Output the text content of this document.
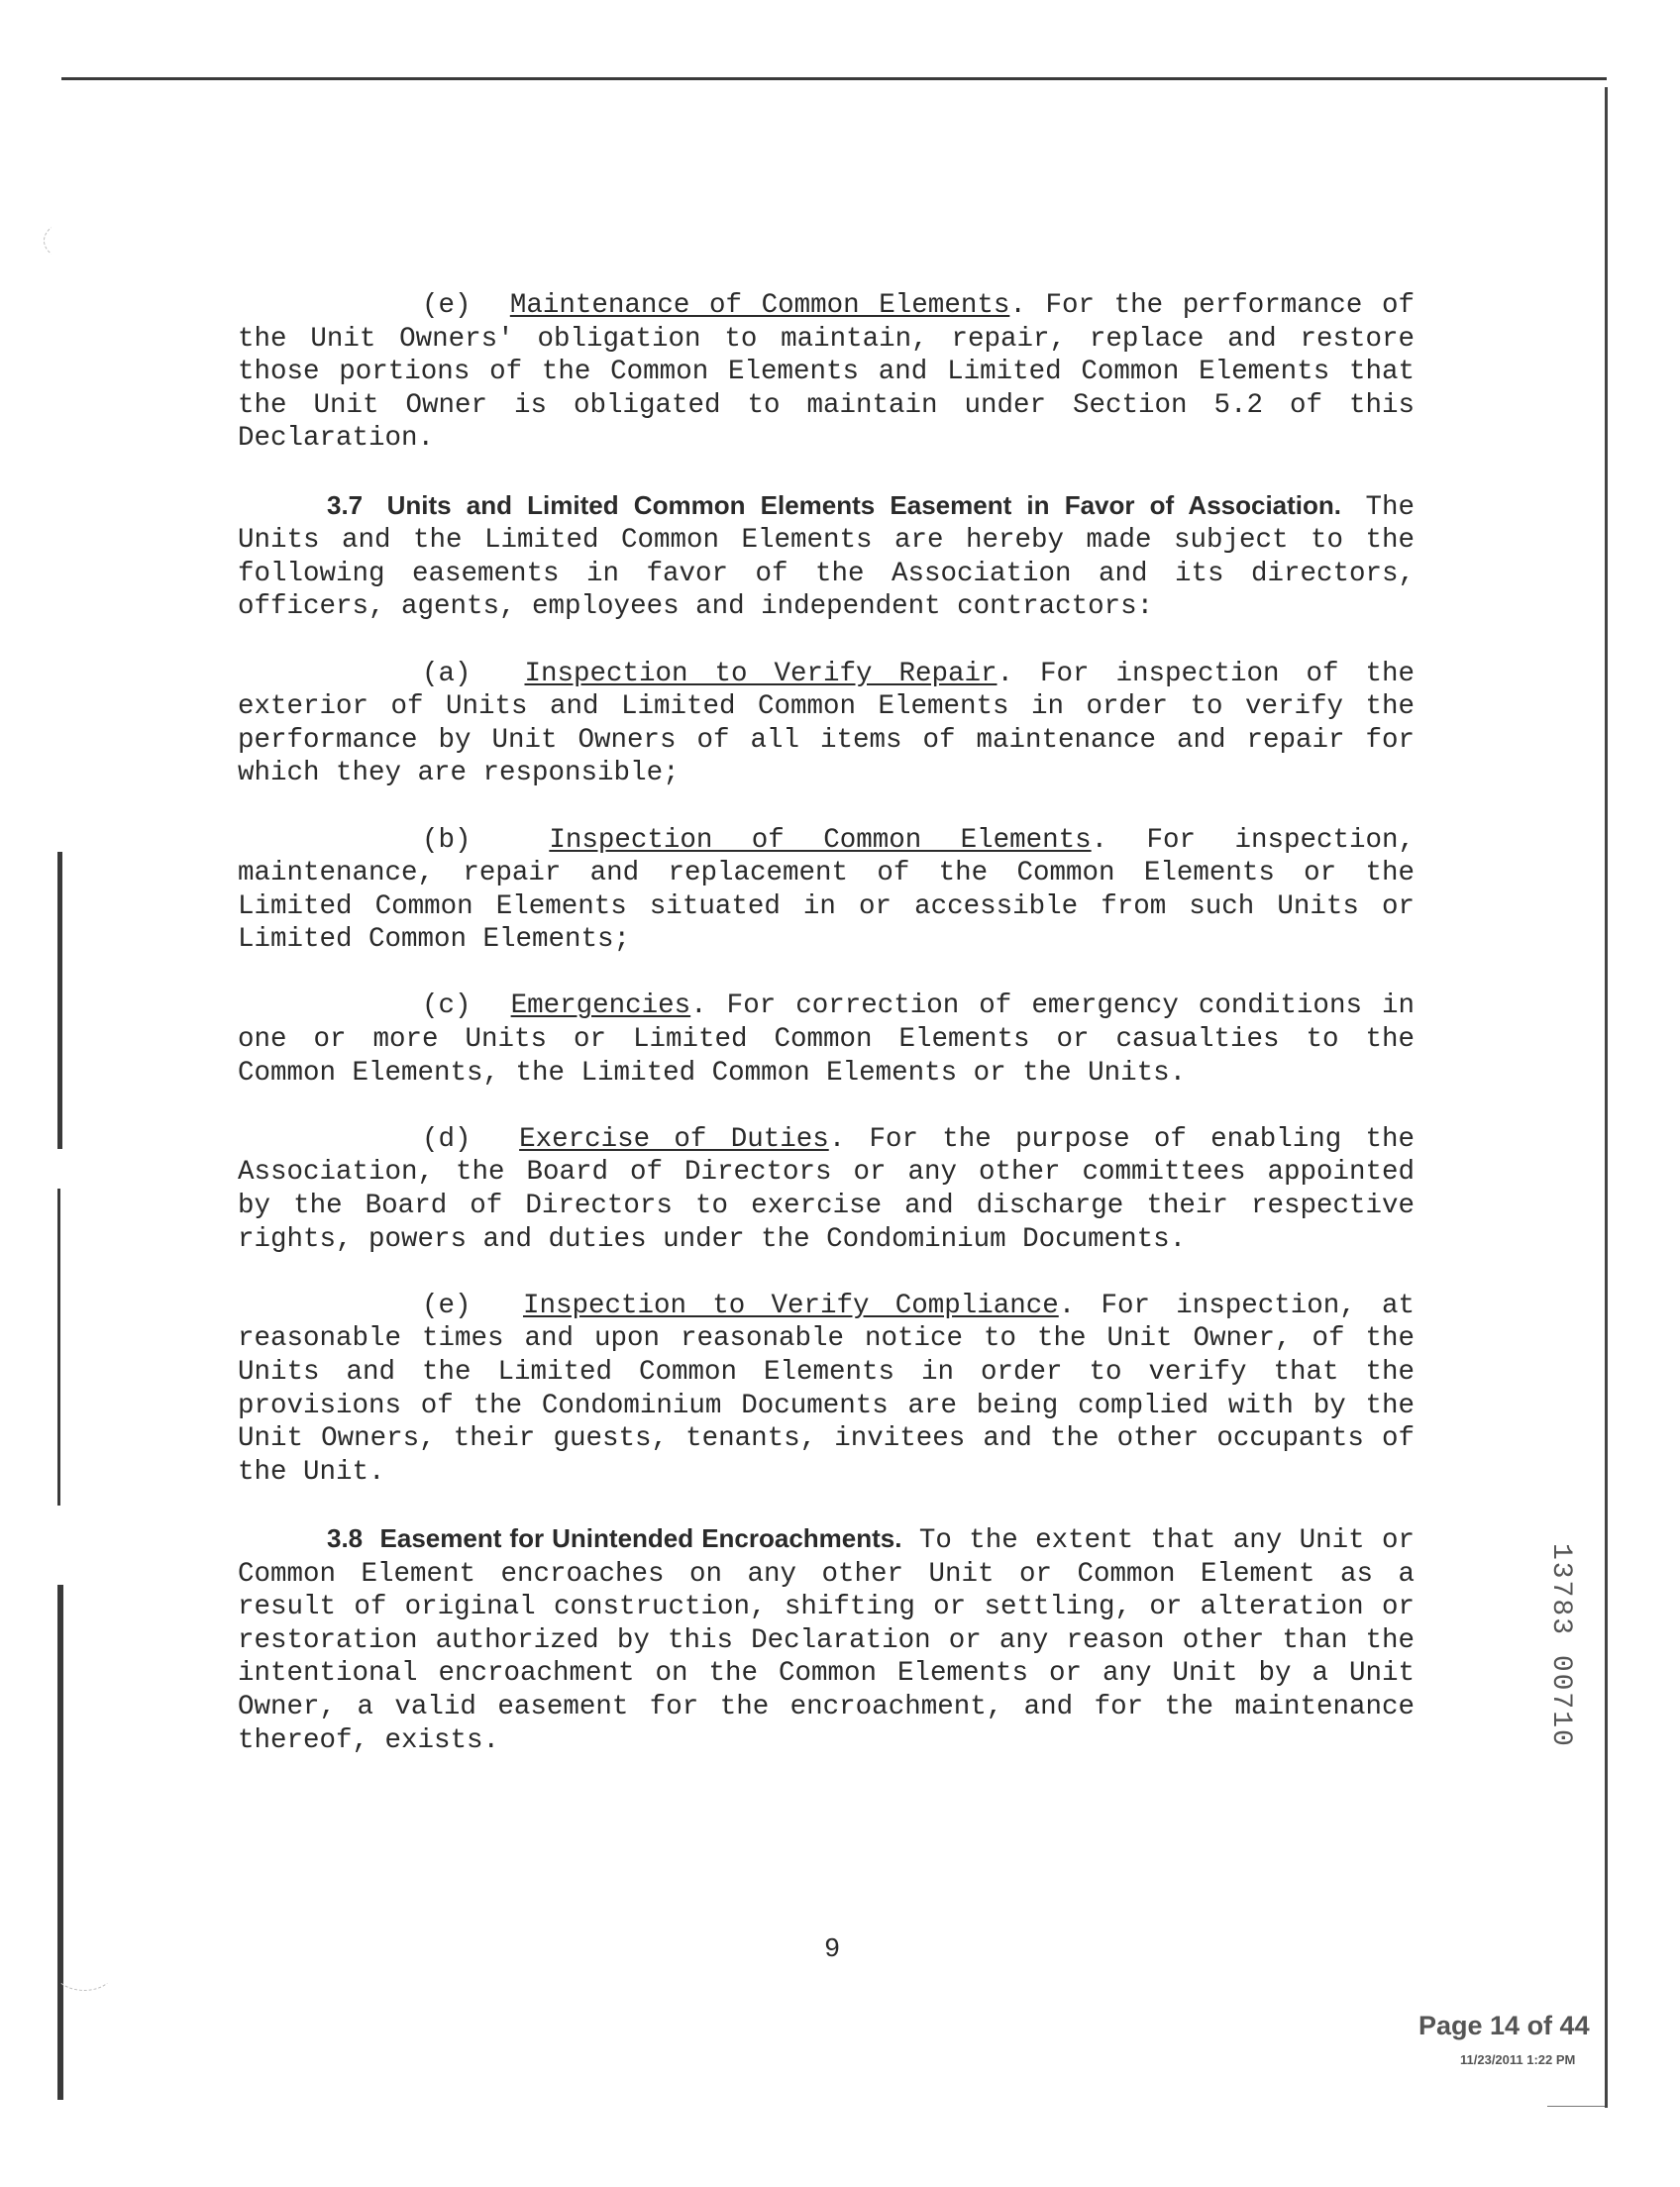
(e) Maintenance of Common Elements. For the performance of the Unit Owners' obligation to maintain, repair, replace and restore those portions of the Common Elements and Limited Common Elements that the Unit Owner is obligated to maintain under Section 5.2 of this Declaration.

3.7 Units and Limited Common Elements Easement in Favor of Association. The Units and the Limited Common Elements are hereby made subject to the following easements in favor of the Association and its directors, officers, agents, employees and independent contractors:

(a) Inspection to Verify Repair. For inspection of the exterior of Units and Limited Common Elements in order to verify the performance by Unit Owners of all items of maintenance and repair for which they are responsible;

(b)	Inspection of Common Elements. For inspection, maintenance, repair and replacement of the Common Elements or the Limited Common Elements situated in or accessible from such Units or Limited Common Elements;

(c) Emergencies. For correction of emergency conditions in one or more Units or Limited Common Elements or casualties to the Common Elements, the Limited Common Elements or the Units.

(d) Exercise of Duties. For the purpose of enabling the Association, the Board of Directors or any other committees appointed by the Board of Directors to exercise and discharge their respective rights, powers and duties under the Condominium Documents.

(e) Inspection to Verify Compliance. For inspection, at reasonable times and upon reasonable notice to the Unit Owner, of the Units and the Limited Common Elements in order to verify that the provisions of the Condominium Documents are being complied with by the Unit Owners, their guests, tenants, invitees and the other occupants of the Unit.

3.8 Easement for Unintended Encroachments. To the extent that any Unit or Common Element encroaches on any other Unit or Common Element as a result of original construction, shifting or settling, or alteration or restoration authorized by this Declaration or any reason other than the intentional encroachment on the Common Elements or any Unit by a Unit Owner, a valid easement for the encroachment, and for the maintenance thereof, exists.

9
13783 00710
Page 14 of 44
11/23/2011 1:22 PM
